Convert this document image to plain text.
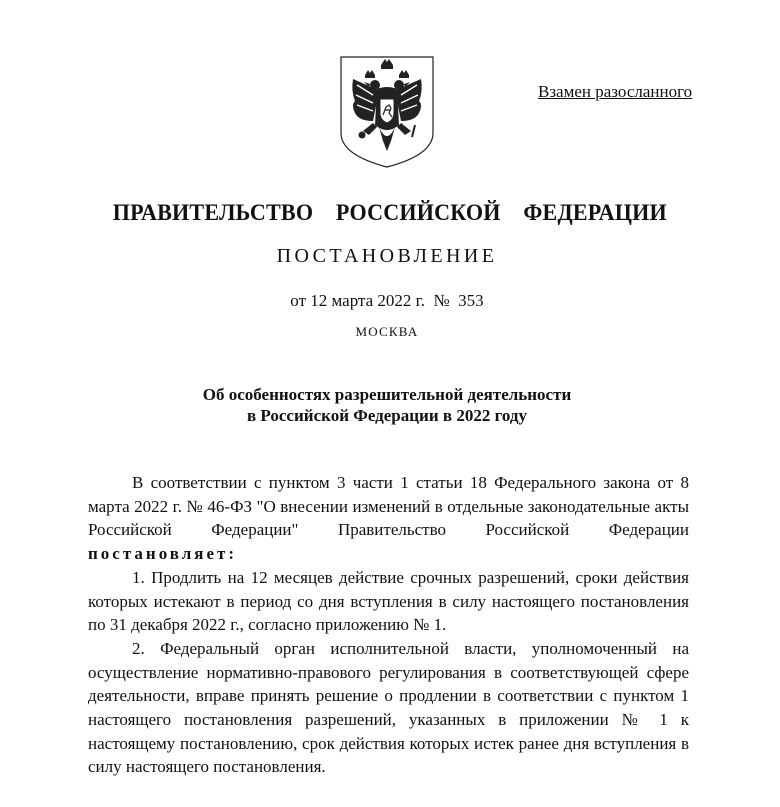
Взамен разосланного
ПРАВИТЕЛЬСТВО  РОССИЙСКОЙ  ФЕДЕРАЦИИ
ПОСТАНОВЛЕНИЕ
от 12 марта 2022 г. №  353
МОСКВА
Об особенностях разрешительной деятельности
в Российской Федерации в 2022 году

В соответствии с пунктом 3 части 1 статьи 18 Федерального закона от 8 марта 2022 г. № 46-ФЗ "О внесении изменений в отдельные законодательные акты Российской Федерации" Правительство Российской Федерации постановляет:

1. Продлить на 12 месяцев действие срочных разрешений, сроки действия которых истекают в период со дня вступления в силу настоящего постановления по 31 декабря 2022 г., согласно приложению № 1.

2. Федеральный орган исполнительной власти, уполномоченный на осуществление нормативно-правового регулирования в соответствующей сфере деятельности, вправе принять решение о продлении в соответствии с пунктом 1 настоящего постановления разрешений, указанных в приложении № 1 к настоящему постановлению, срок действия которых истек ранее дня вступления в силу настоящего постановления.
